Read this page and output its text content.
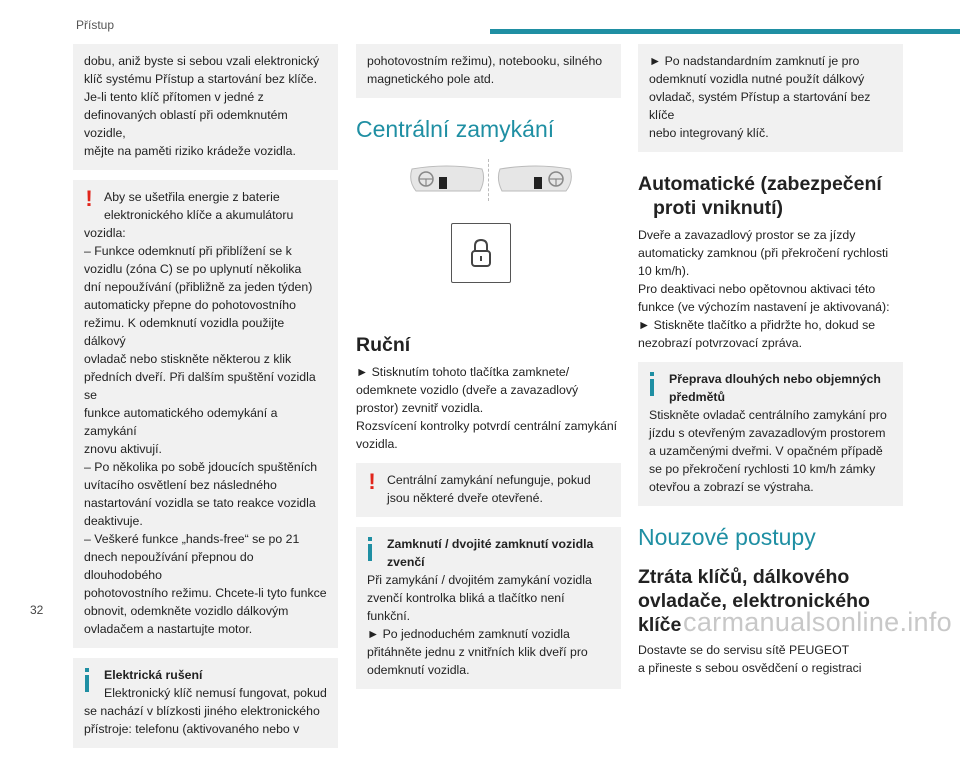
Přístup

dobu, aniž byste si sebou vzali elektronický

klíč systému Přístup a startování bez klíče.

Je-li tento klíč přítomen v jedné z

definovaných oblastí při odemknutém vozidle,

mějte na paměti riziko krádeže vozidla.

! Aby se ušetřila energie z baterie

elektronického klíče a akumulátoru

vozidla:

– Funkce odemknutí při přiblížení se k

vozidlu (zóna C) se po uplynutí několika

dní nepoužívání (přibližně za jeden týden)

automaticky přepne do pohotovostního

režimu. K odemknutí vozidla použijte dálkový

ovladač nebo stiskněte některou z klik

předních dveří. Při dalším spuštění vozidla se

funkce automatického odemykání a zamykání

znovu aktivují.

– Po několika po sobě jdoucích spuštěních

uvítacího osvětlení bez následného

nastartování vozidla se tato reakce vozidla

deaktivuje.

– Veškeré funkce „hands-free“ se po 21

dnech nepoužívání přepnou do dlouhodobého

pohotovostního režimu. Chcete-li tyto funkce

obnovit, odemkněte vozidlo dálkovým

ovladačem a nastartujte motor.

Elektrická rušení

Elektronický klíč nemusí fungovat, pokud

se nachází v blízkosti jiného elektronického

přístroje: telefonu (aktivovaného nebo v

pohotovostním režimu), notebooku, silného

magnetického pole atd.

Centrální zamykání
Ruční

► Stisknutím tohoto tlačítka zamknete/

odemknete vozidlo (dveře a zavazadlový

prostor) zevnitř vozidla.

Rozsvícení kontrolky potvrdí centrální zamykání

vozidla.

! Centrální zamykání nefunguje, pokud

jsou některé dveře otevřené.

Zamknutí / dvojité zamknutí vozidla

zvenčí

Při zamykání / dvojitém zamykání vozidla

zvenčí kontrolka bliká a tlačítko není funkční.

► Po jednoduchém zamknutí vozidla

přitáhněte jednu z vnitřních klik dveří pro

odemknutí vozidla.

► Po nadstandardním zamknutí je pro

odemknutí vozidla nutné použít dálkový

ovladač, systém Přístup a startování bez klíče

nebo integrovaný klíč.

Automatické (zabezpečení
proti vniknutí)

Dveře a zavazadlový prostor se za jízdy

automaticky zamknou (při překročení rychlosti

10 km/h).

Pro deaktivaci nebo opětovnou aktivaci této

funkce (ve výchozím nastavení je aktivovaná):

► Stiskněte tlačítko a přidržte ho, dokud se

nezobrazí potvrzovací zpráva.

Přeprava dlouhých nebo objemných

předmětů

Stiskněte ovladač centrálního zamykání pro

jízdu s otevřeným zavazadlovým prostorem

a uzamčenými dveřmi. V opačném případě

se po překročení rychlosti 10 km/h zámky

otevřou a zobrazí se výstraha.

Nouzové postupy
Ztráta klíčů, dálkového
ovladače, elektronického
klíče

Dostavte se do servisu sítě PEUGEOT

a přineste s sebou osvědčení o registraci

32	carmanualsonline.info
